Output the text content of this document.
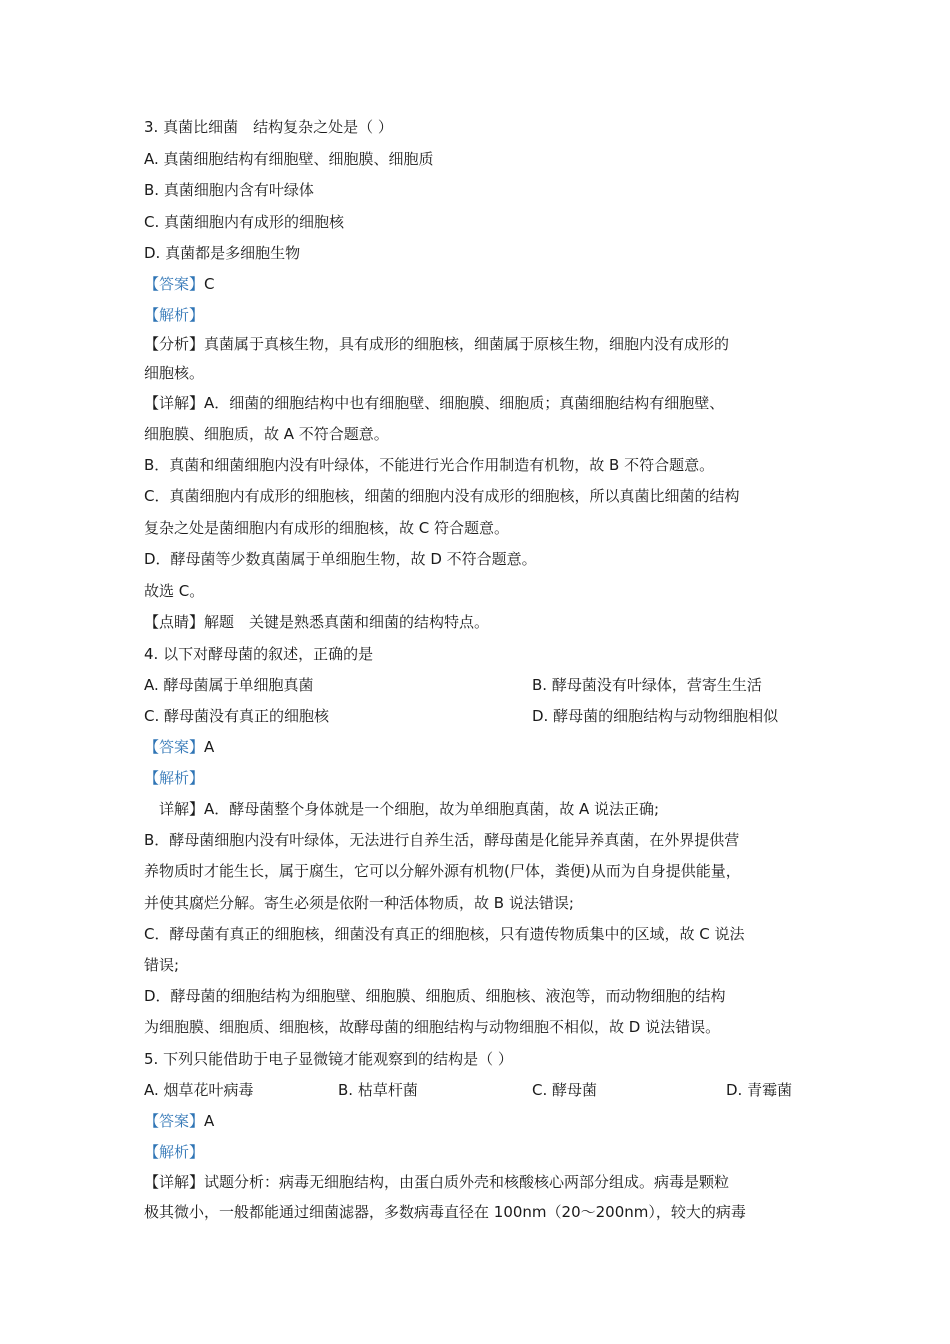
3. 真菌比细菌　结构复杂之处是（ ）
A. 真菌细胞结构有细胞壁、细胞膜、细胞质
B. 真菌细胞内含有叶绿体
C. 真菌细胞内有成形的细胞核
D. 真菌都是多细胞生物
【答案】C
【解析】
【分析】真菌属于真核生物，具有成形的细胞核，细菌属于原核生物，细胞内没有成形的
细胞核。
【详解】A．细菌的细胞结构中也有细胞壁、细胞膜、细胞质；真菌细胞结构有细胞壁、
细胞膜、细胞质，故 A 不符合题意。
B．真菌和细菌细胞内没有叶绿体，不能进行光合作用制造有机物，故 B 不符合题意。
C．真菌细胞内有成形的细胞核，细菌的细胞内没有成形的细胞核，所以真菌比细菌的结构
复杂之处是菌细胞内有成形的细胞核，故 C 符合题意。
D．酵母菌等少数真菌属于单细胞生物，故 D 不符合题意。
故选 C。
【点睛】解题　关键是熟悉真菌和细菌的结构特点。
4. 以下对酵母菌的叙述，正确的是
A. 酵母菌属于单细胞真菌	B. 酵母菌没有叶绿体，营寄生生活
C. 酵母菌没有真正的细胞核	D. 酵母菌的细胞结构与动物细胞相似
【答案】A
【解析】
　详解】A．酵母菌整个身体就是一个细胞，故为单细胞真菌，故 A 说法正确;
B．酵母菌细胞内没有叶绿体，无法进行自养生活，酵母菌是化能异养真菌，在外界提供营
养物质时才能生长，属于腐生，它可以分解外源有机物(尸体，粪便)从而为自身提供能量，
并使其腐烂分解。寄生必须是依附一种活体物质，故 B 说法错误;
C．酵母菌有真正的细胞核，细菌没有真正的细胞核，只有遗传物质集中的区域，故 C 说法
错误;
D．酵母菌的细胞结构为细胞壁、细胞膜、细胞质、细胞核、液泡等，而动物细胞的结构
为细胞膜、细胞质、细胞核，故酵母菌的细胞结构与动物细胞不相似，故 D 说法错误。
5. 下列只能借助于电子显微镜才能观察到的结构是（ ）
A. 烟草花叶病毒	B. 枯草杆菌	C. 酵母菌	D. 青霉菌
【答案】A
【解析】
【详解】试题分析：病毒无细胞结构，由蛋白质外壳和核酸核心两部分组成。病毒是颗粒
极其微小，一般都能通过细菌滤器，多数病毒直径在 100nm（20～200nm），较大的病毒
